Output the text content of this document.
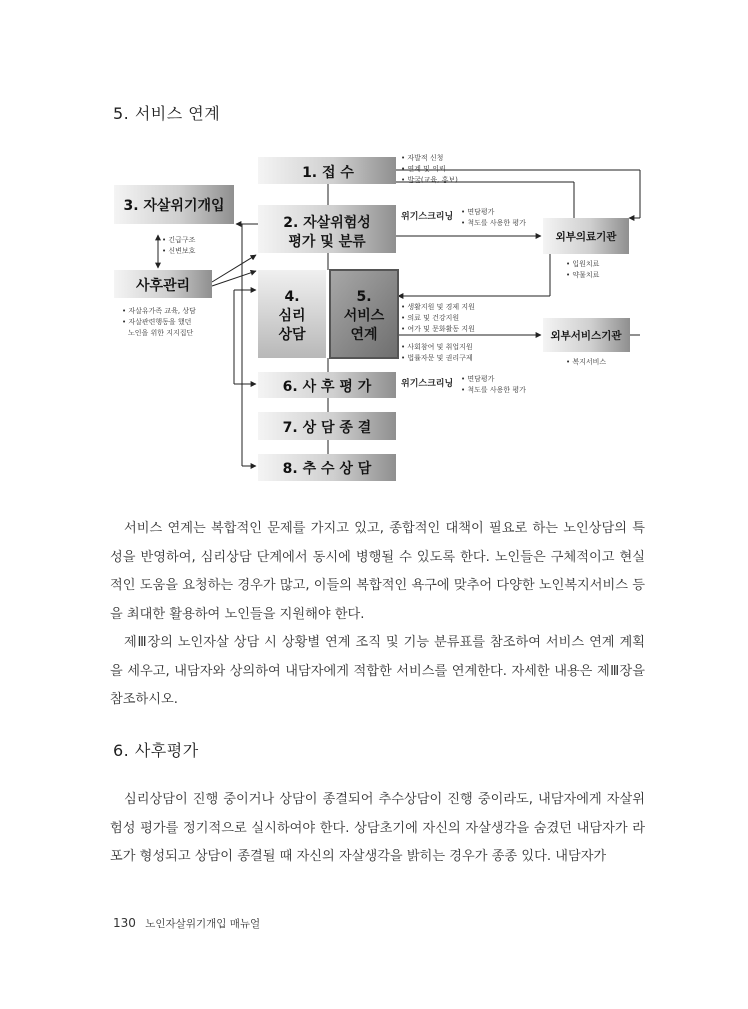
5. 서비스 연계
1. 접 수
3. 자살위기개입
2. 자살위험성
평가 및 분류
사후관리
4.
심리
상담
5.
서비스
연계
6. 사 후 평 가
7. 상 담 종 결
8. 추 수 상 담
외부의료기관
외부서비스기관
• 자발적 신청
• 연계 및 의뢰
• 발굴(교육, 홍보)
위기스크리닝 • 면담평가
• 척도를 사용한 평가
• 긴급구조
• 신변보호
• 입원치료
• 약물치료
• 자살유가족 교육, 상담
• 자살관련행동을 했던
노인을 위한 지지집단
• 생활지원 및 경제 지원
• 의료 및 건강지원
• 여가 및 문화활동 지원
• 사회참여 및 취업지원
• 법률자문 및 권리구제	• 복지서비스
위기스크리닝 • 면담평가
• 척도를 사용한 평가

서비스 연계는 복합적인 문제를 가지고 있고, 종합적인 대책이 필요로 하는 노인상담의 특성을 반영하여, 심리상담 단계에서 동시에 병행될 수 있도록 한다. 노인들은 구체적이고 현실적인 도움을 요청하는 경우가 많고, 이들의 복합적인 욕구에 맞추어 다양한 노인복지서비스 등을 최대한 활용하여 노인들을 지원해야 한다.

제Ⅲ장의 노인자살 상담 시 상황별 연계 조직 및 기능 분류표를 참조하여 서비스 연계 계획을 세우고, 내담자와 상의하여 내담자에게 적합한 서비스를 연계한다. 자세한 내용은 제Ⅲ장을 참조하시오.

6. 사후평가

심리상담이 진행 중이거나 상담이 종결되어 추수상담이 진행 중이라도, 내담자에게 자살위험성 평가를 정기적으로 실시하여야 한다. 상담초기에 자신의 자살생각을 숨겼던 내담자가 라포가 형성되고 상담이 종결될 때 자신의 자살생각을 밝히는 경우가 종종 있다. 내담자가

130 노인자살위기개입 매뉴얼
